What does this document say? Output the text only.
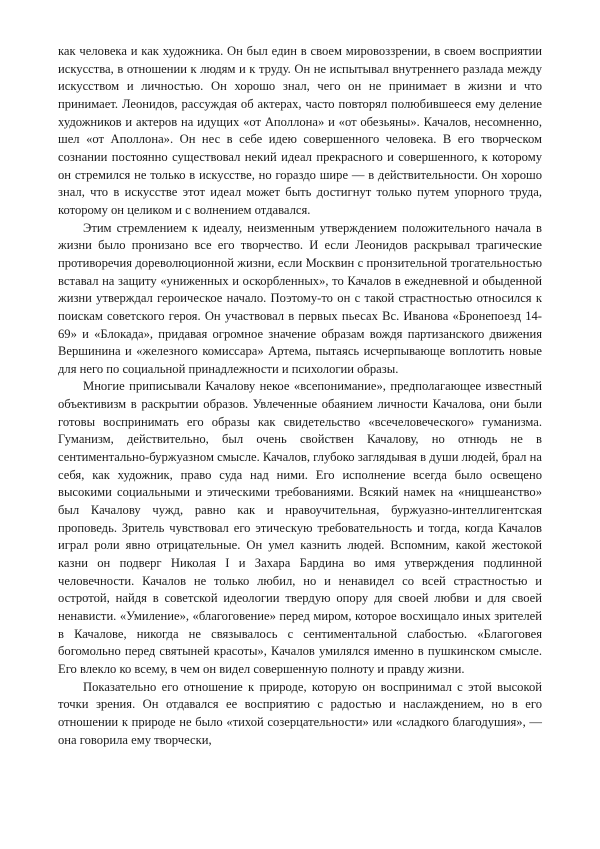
как человека и как художника. Он был един в своем мировоззрении, в своем восприятии искусства, в отношении к людям и к труду. Он не испытывал внутреннего разлада между искусством и личностью. Он хорошо знал, чего он не принимает в жизни и что принимает. Леонидов, рассуждая об актерах, часто повторял полюбившееся ему деление художников и актеров на идущих «от Аполлона» и «от обезьяны». Качалов, несомненно, шел «от Аполлона». Он нес в себе идею совершенного человека. В его творческом сознании постоянно существовал некий идеал прекрасного и совершенного, к которому он стремился не только в искусстве, но гораздо шире — в действительности. Он хорошо знал, что в искусстве этот идеал может быть достигнут только путем упорного труда, которому он целиком и с волнением отдавался.

Этим стремлением к идеалу, неизменным утверждением положительного начала в жизни было пронизано все его творчество. И если Леонидов раскрывал трагические противоречия дореволюционной жизни, если Москвин с пронзительной трогательностью вставал на защиту «униженных и оскорбленных», то Качалов в ежедневной и обыденной жизни утверждал героическое начало. Поэтому-то он с такой страстностью относился к поискам советского героя. Он участвовал в первых пьесах Вс. Иванова «Бронепоезд 14-69» и «Блокада», придавая огромное значение образам вождя партизанского движения Вершинина и «железного комиссара» Артема, пытаясь исчерпывающе воплотить новые для него по социальной принадлежности и психологии образы.

Многие приписывали Качалову некое «всепонимание», предполагающее известный объективизм в раскрытии образов. Увлеченные обаянием личности Качалова, они были готовы воспринимать его образы как свидетельство «всечеловеческого» гуманизма. Гуманизм, действительно, был очень свойствен Качалову, но отнюдь не в сентиментально-буржуазном смысле. Качалов, глубоко заглядывая в души людей, брал на себя, как художник, право суда над ними. Его исполнение всегда было освещено высокими социальными и этическими требованиями. Всякий намек на «ницшеанство» был Качалову чужд, равно как и нравоучительная, буржуазно-интеллигентская проповедь. Зритель чувствовал его этическую требовательность и тогда, когда Качалов играл роли явно отрицательные. Он умел казнить людей. Вспомним, какой жестокой казни он подверг Николая I и Захара Бардина во имя утверждения подлинной человечности. Качалов не только любил, но и ненавидел со всей страстностью и остротой, найдя в советской идеологии твердую опору для своей любви и для своей ненависти. «Умиление», «благоговение» перед миром, которое восхищало иных зрителей в Качалове, никогда не связывалось с сентиментальной слабостью. «Благоговея богомольно перед святыней красоты», Качалов умилялся именно в пушкинском смысле. Его влекло ко всему, в чем он видел совершенную полноту и правду жизни.

Показательно его отношение к природе, которую он воспринимал с этой высокой точки зрения. Он отдавался ее восприятию с радостью и наслаждением, но в его отношении к природе не было «тихой созерцательности» или «сладкого благодушия», — она говорила ему творчески,
